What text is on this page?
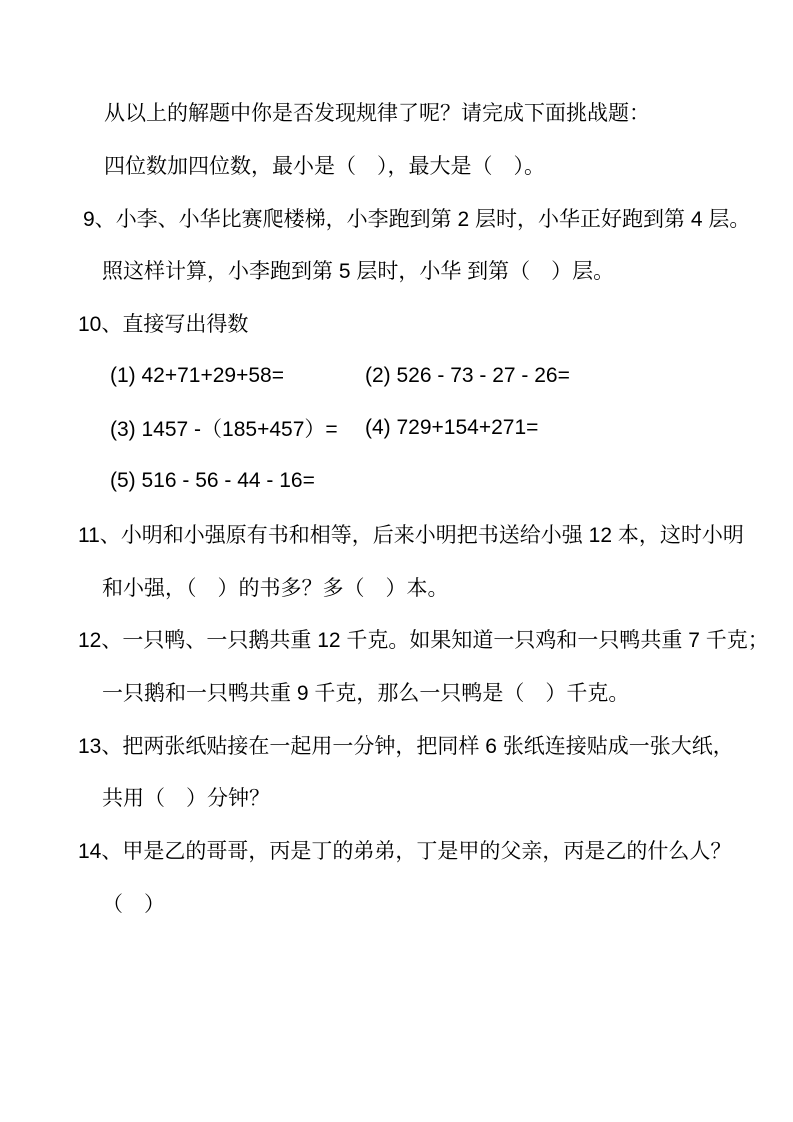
从以上的解题中你是否发现规律了呢？请完成下面挑战题：
四位数加四位数，最小是（　），最大是（　）。
9、 小李、小华比赛爬楼梯，小李跑到第 2 层时，小华正好跑到第 4 层。
照这样计算，小李跑到第 5 层时，小华 到第（　）层。
10、 直接写出得数
(1) 42+71+29+58=	(2) 526 - 73 - 27 - 26=
(3) 1457 -（185+457）=	(4) 729+154+271=
(5) 516 - 56 - 44 - 16=
11、 小明和小强原有书和相等，后来小明把书送给小强 12 本，这时小明
和小强，（　）的书多？多（　）本。
12、 一只鸭、一只鹅共重 12 千克。如果知道一只鸡和一只鸭共重 7 千克；
一只鹅和一只鸭共重 9 千克，那么一只鸭是（　）千克。
13、 把两张纸贴接在一起用一分钟，把同样 6 张纸连接贴成一张大纸，
共用（　）分钟？
14、 甲是乙的哥哥，丙是丁的弟弟，丁是甲的父亲，丙是乙的什么人？
（　）
